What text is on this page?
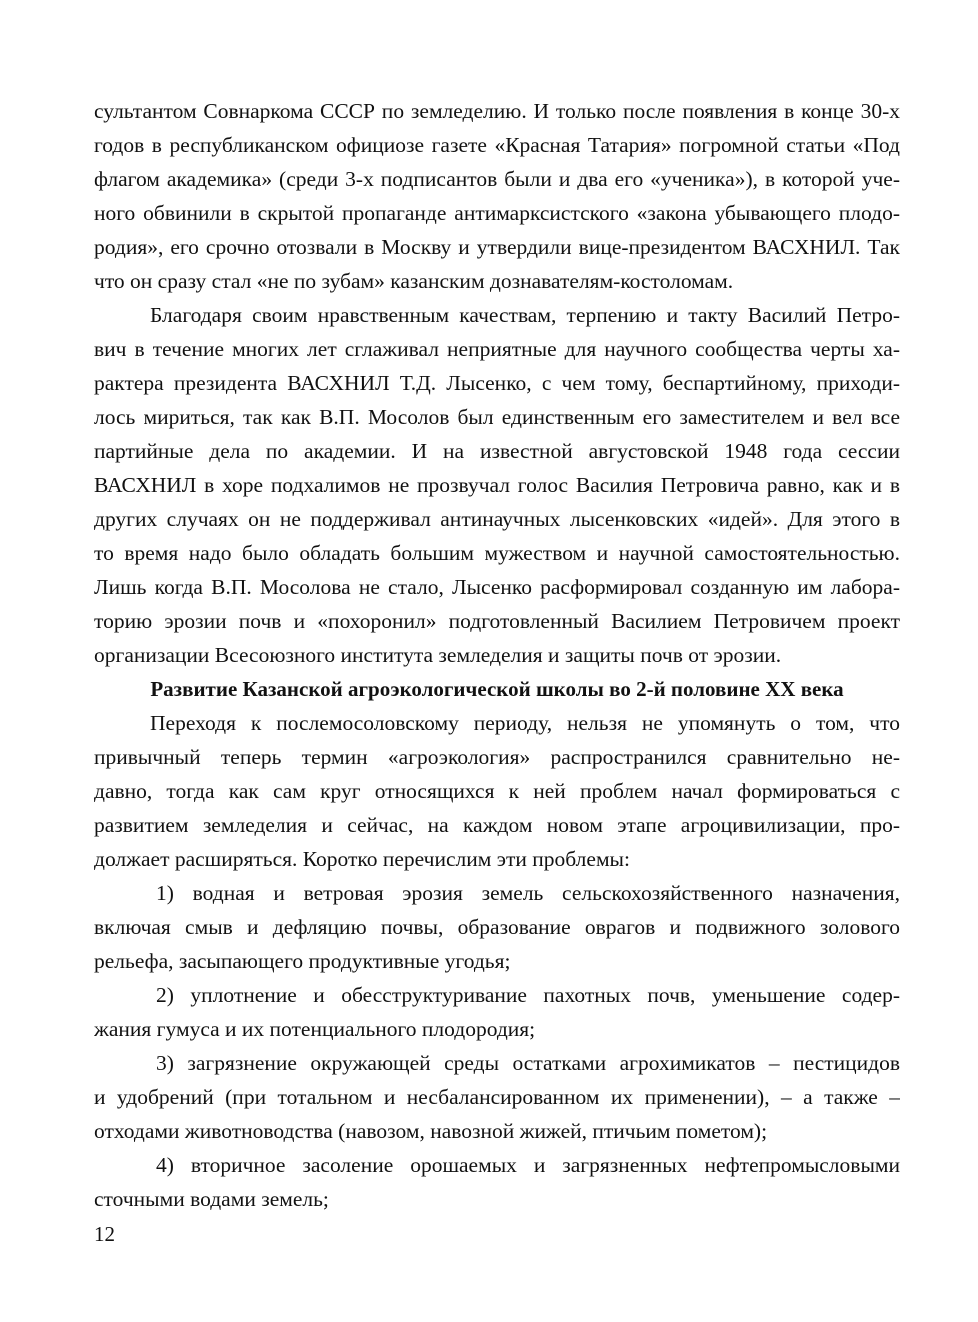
сультантом Совнаркома СССР по земледелию. И только после появления в конце 30-х
годов в республиканском официозе газете «Красная Татария» погромной статьи «Под
флагом академика» (среди 3-х подписантов были и два его «ученика»), в которой уче-
ного обвинили в скрытой пропаганде антимарксистского «закона убывающего плодо-
родия», его срочно отозвали в Москву и утвердили вице-президентом ВАСХНИЛ. Так
что он сразу стал «не по зубам» казанским дознавателям-костоломам.
Благодаря своим нравственным качествам, терпению и такту Василий Петро-
вич в течение многих лет сглаживал неприятные для научного сообщества черты ха-
рактера президента ВАСХНИЛ Т.Д. Лысенко, с чем тому, беспартийному, приходи-
лось мириться, так как В.П. Мосолов был единственным его заместителем и вел все
партийные дела по академии. И на известной августовской 1948 года сессии
ВАСХНИЛ в хоре подхалимов не прозвучал голос Василия Петровича равно, как и в
других случаях он не поддерживал антинаучных лысенковских «идей». Для этого в
то время надо было обладать большим мужеством и научной самостоятельностью.
Лишь когда В.П. Мосолова не стало, Лысенко расформировал созданную им лабора-
торию эрозии почв и «похоронил» подготовленный Василием Петровичем проект
организации Всесоюзного института земледелия и защиты почв от эрозии.
Развитие Казанской агроэкологической школы во 2-й половине XX века
Переходя к послемосоловскому периоду, нельзя не упомянуть о том, что
привычный теперь термин «агроэкология» распространился сравнительно не-
давно, тогда как сам круг относящихся к ней проблем начал формироваться с
развитием земледелия и сейчас, на каждом новом этапе агроцивилизации, про-
должает расширяться. Коротко перечислим эти проблемы:
1) водная и ветровая эрозия земель сельскохозяйственного назначения,
включая смыв и дефляцию почвы, образование оврагов и подвижного золового
рельефа, засыпающего продуктивные угодья;
2) уплотнение и обесструктуривание пахотных почв, уменьшение содер-
жания гумуса и их потенциального плодородия;
3) загрязнение окружающей среды остатками агрохимикатов – пестицидов
и удобрений (при тотальном и несбалансированном их применении), – а также –
отходами животноводства (навозом, навозной жижей, птичьим пометом);
4) вторичное засоление орошаемых и загрязненных нефтепромысловыми
сточными водами земель;
12
